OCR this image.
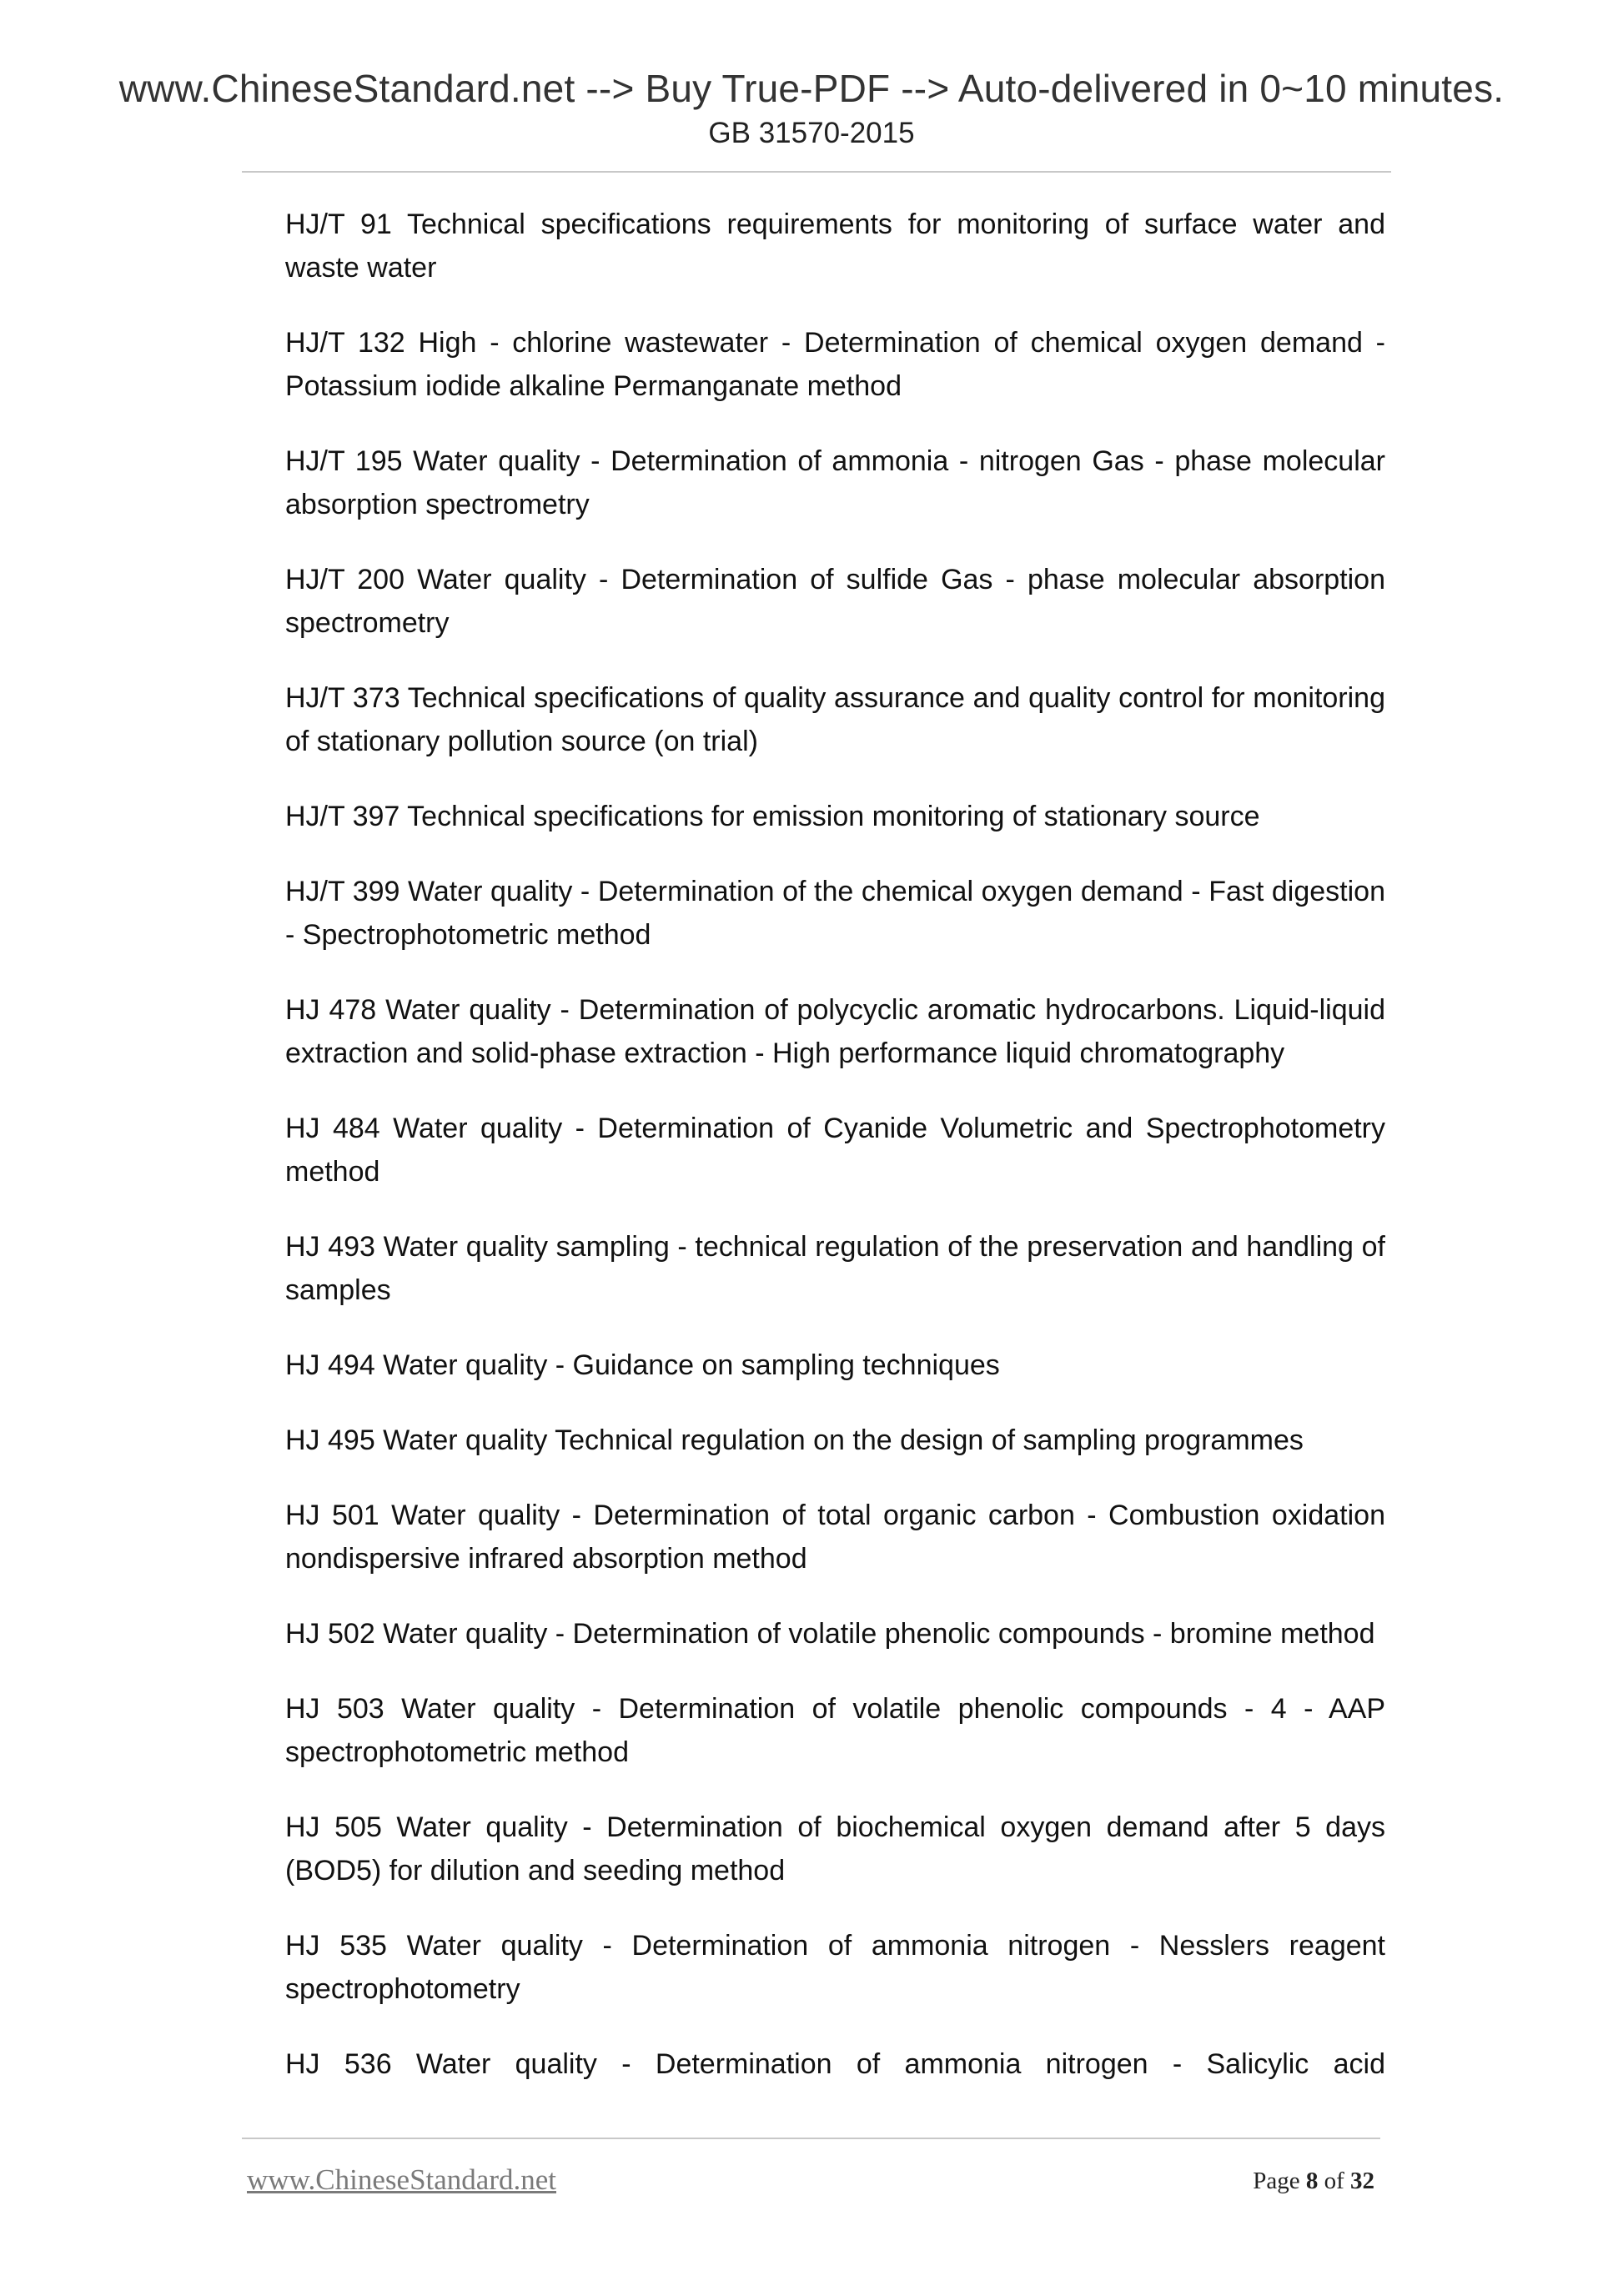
www.ChineseStandard.net --> Buy True-PDF --> Auto-delivered in 0~10 minutes.
GB 31570-2015
HJ/T 91 Technical specifications requirements for monitoring of surface water and waste water
HJ/T 132 High - chlorine wastewater - Determination of chemical oxygen demand - Potassium iodide alkaline Permanganate method
HJ/T 195 Water quality - Determination of ammonia - nitrogen Gas - phase molecular absorption spectrometry
HJ/T 200 Water quality - Determination of sulfide Gas - phase molecular absorption spectrometry
HJ/T 373 Technical specifications of quality assurance and quality control for monitoring of stationary pollution source (on trial)
HJ/T 397 Technical specifications for emission monitoring of stationary source
HJ/T 399 Water quality - Determination of the chemical oxygen demand - Fast digestion - Spectrophotometric method
HJ 478 Water quality - Determination of polycyclic aromatic hydrocarbons. Liquid-liquid extraction and solid-phase extraction - High performance liquid chromatography
HJ 484 Water quality - Determination of Cyanide Volumetric and Spectrophotometry method
HJ 493 Water quality sampling - technical regulation of the preservation and handling of samples
HJ 494 Water quality - Guidance on sampling techniques
HJ 495 Water quality Technical regulation on the design of sampling programmes
HJ 501 Water quality - Determination of total organic carbon - Combustion oxidation nondispersive infrared absorption method
HJ 502 Water quality - Determination of volatile phenolic compounds - bromine method
HJ 503 Water quality - Determination of volatile phenolic compounds - 4 - AAP spectrophotometric method
HJ 505 Water quality - Determination of biochemical oxygen demand after 5 days (BOD5) for dilution and seeding method
HJ 535 Water quality - Determination of ammonia nitrogen - Nesslers reagent spectrophotometry
HJ 536 Water quality - Determination of ammonia nitrogen - Salicylic acid
www.ChineseStandard.net	Page 8 of 32
